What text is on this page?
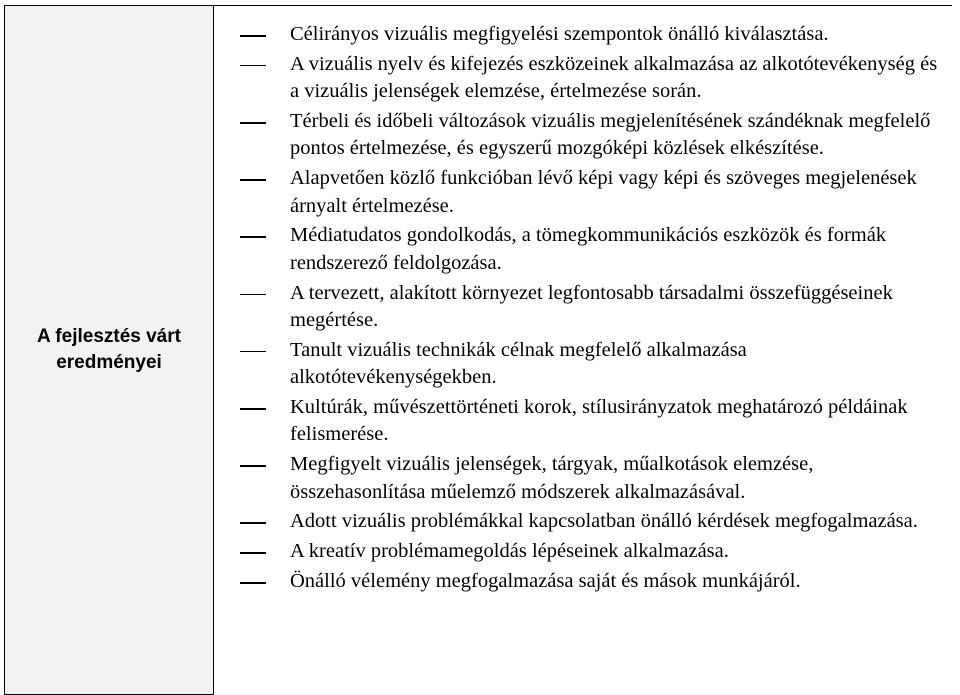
A fejlesztés várt
eredményei

Célirányos vizuális megfigyelési szempontok önálló kiválasztása.
A vizuális nyelv és kifejezés eszközeinek alkalmazása az alkotótevékenység és a vizuális jelenségek elemzése, értelmezése során.
Térbeli és időbeli változások vizuális megjelenítésének szándéknak megfelelő pontos értelmezése, és egyszerű mozgóképi közlések elkészítése.
Alapvetően közlő funkcióban lévő képi vagy képi és szöveges megjelenések árnyalt értelmezése.
Médiatudatos gondolkodás, a tömegkommunikációs eszközök és formák rendszerező feldolgozása.
A tervezett, alakított környezet legfontosabb társadalmi összefüggéseinek megértése.
Tanult vizuális technikák célnak megfelelő alkalmazása alkotótevékenységekben.
Kultúrák, művészettörténeti korok, stílusirányzatok meghatározó példáinak felismerése.
Megfigyelt vizuális jelenségek, tárgyak, műalkotások elemzése, összehasonlítása műelemző módszerek alkalmazásával.
Adott vizuális problémákkal kapcsolatban önálló kérdések megfogalmazása.
A kreatív problémamegoldás lépéseinek alkalmazása.
Önálló vélemény megfogalmazása saját és mások munkájáról.
